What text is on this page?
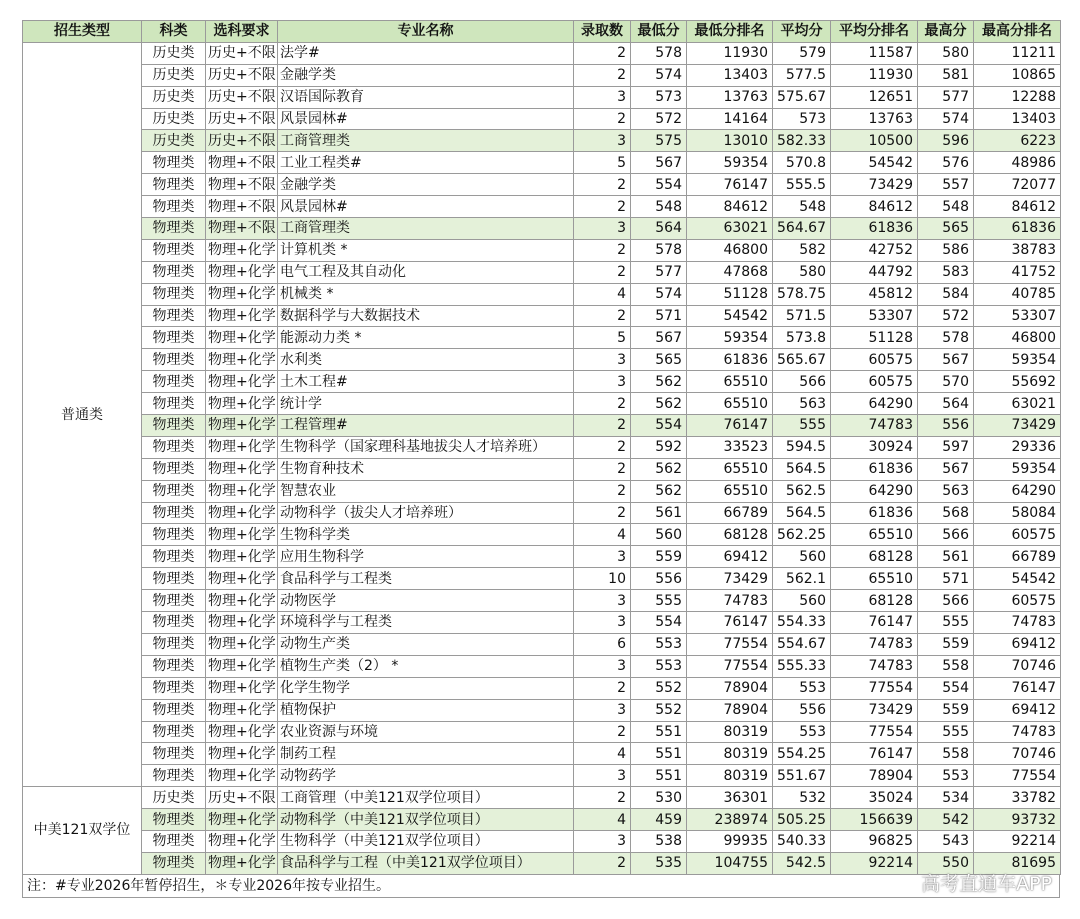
招生类型	科类	选科要求	专业名称	录取数	最低分	最低分排名	平均分	平均分排名	最高分	最高分排名
普通类	历史类	历史+不限	法学#	2	578	11930	579	11587	580	11211
	历史类	历史+不限	金融学类	2	574	13403	577.5	11930	581	10865
	历史类	历史+不限	汉语国际教育	3	573	13763	575.67	12651	577	12288
	历史类	历史+不限	风景园林#	2	572	14164	573	13763	574	13403
	历史类	历史+不限	工商管理类	3	575	13010	582.33	10500	596	6223
	物理类	物理+不限	工业工程类#	5	567	59354	570.8	54542	576	48986
	物理类	物理+不限	金融学类	2	554	76147	555.5	73429	557	72077
	物理类	物理+不限	风景园林#	2	548	84612	548	84612	548	84612
	物理类	物理+不限	工商管理类	3	564	63021	564.67	61836	565	61836
	物理类	物理+化学	计算机类 *	2	578	46800	582	42752	586	38783
	物理类	物理+化学	电气工程及其自动化	2	577	47868	580	44792	583	41752
	物理类	物理+化学	机械类 *	4	574	51128	578.75	45812	584	40785
	物理类	物理+化学	数据科学与大数据技术	2	571	54542	571.5	53307	572	53307
	物理类	物理+化学	能源动力类 *	5	567	59354	573.8	51128	578	46800
	物理类	物理+化学	水利类	3	565	61836	565.67	60575	567	59354
	物理类	物理+化学	土木工程#	3	562	65510	566	60575	570	55692
	物理类	物理+化学	统计学	2	562	65510	563	64290	564	63021
	物理类	物理+化学	工程管理#	2	554	76147	555	74783	556	73429
	物理类	物理+化学	生物科学（国家理科基地拔尖人才培养班）	2	592	33523	594.5	30924	597	29336
	物理类	物理+化学	生物育种技术	2	562	65510	564.5	61836	567	59354
	物理类	物理+化学	智慧农业	2	562	65510	562.5	64290	563	64290
	物理类	物理+化学	动物科学（拔尖人才培养班）	2	561	66789	564.5	61836	568	58084
	物理类	物理+化学	生物科学类	4	560	68128	562.25	65510	566	60575
	物理类	物理+化学	应用生物科学	3	559	69412	560	68128	561	66789
	物理类	物理+化学	食品科学与工程类	10	556	73429	562.1	65510	571	54542
	物理类	物理+化学	动物医学	3	555	74783	560	68128	566	60575
	物理类	物理+化学	环境科学与工程类	3	554	76147	554.33	76147	555	74783
	物理类	物理+化学	动物生产类	6	553	77554	554.67	74783	559	69412
	物理类	物理+化学	植物生产类（2） *	3	553	77554	555.33	74783	558	70746
	物理类	物理+化学	化学生物学	2	552	78904	553	77554	554	76147
	物理类	物理+化学	植物保护	3	552	78904	556	73429	559	69412
	物理类	物理+化学	农业资源与环境	2	551	80319	553	77554	555	74783
	物理类	物理+化学	制药工程	4	551	80319	554.25	76147	558	70746
	物理类	物理+化学	动物药学	3	551	80319	551.67	78904	553	77554
中美121双学位	历史类	历史+不限	工商管理（中美121双学位项目）	2	530	36301	532	35024	534	33782
	物理类	物理+化学	动物科学（中美121双学位项目）	4	459	238974	505.25	156639	542	93732
	物理类	物理+化学	生物科学（中美121双学位项目）	3	538	99935	540.33	96825	543	92214
	物理类	物理+化学	食品科学与工程（中美121双学位项目）	2	535	104755	542.5	92214	550	81695
注：#专业2026年暂停招生，＊专业2026年按专业招生。	高考直通车APP
